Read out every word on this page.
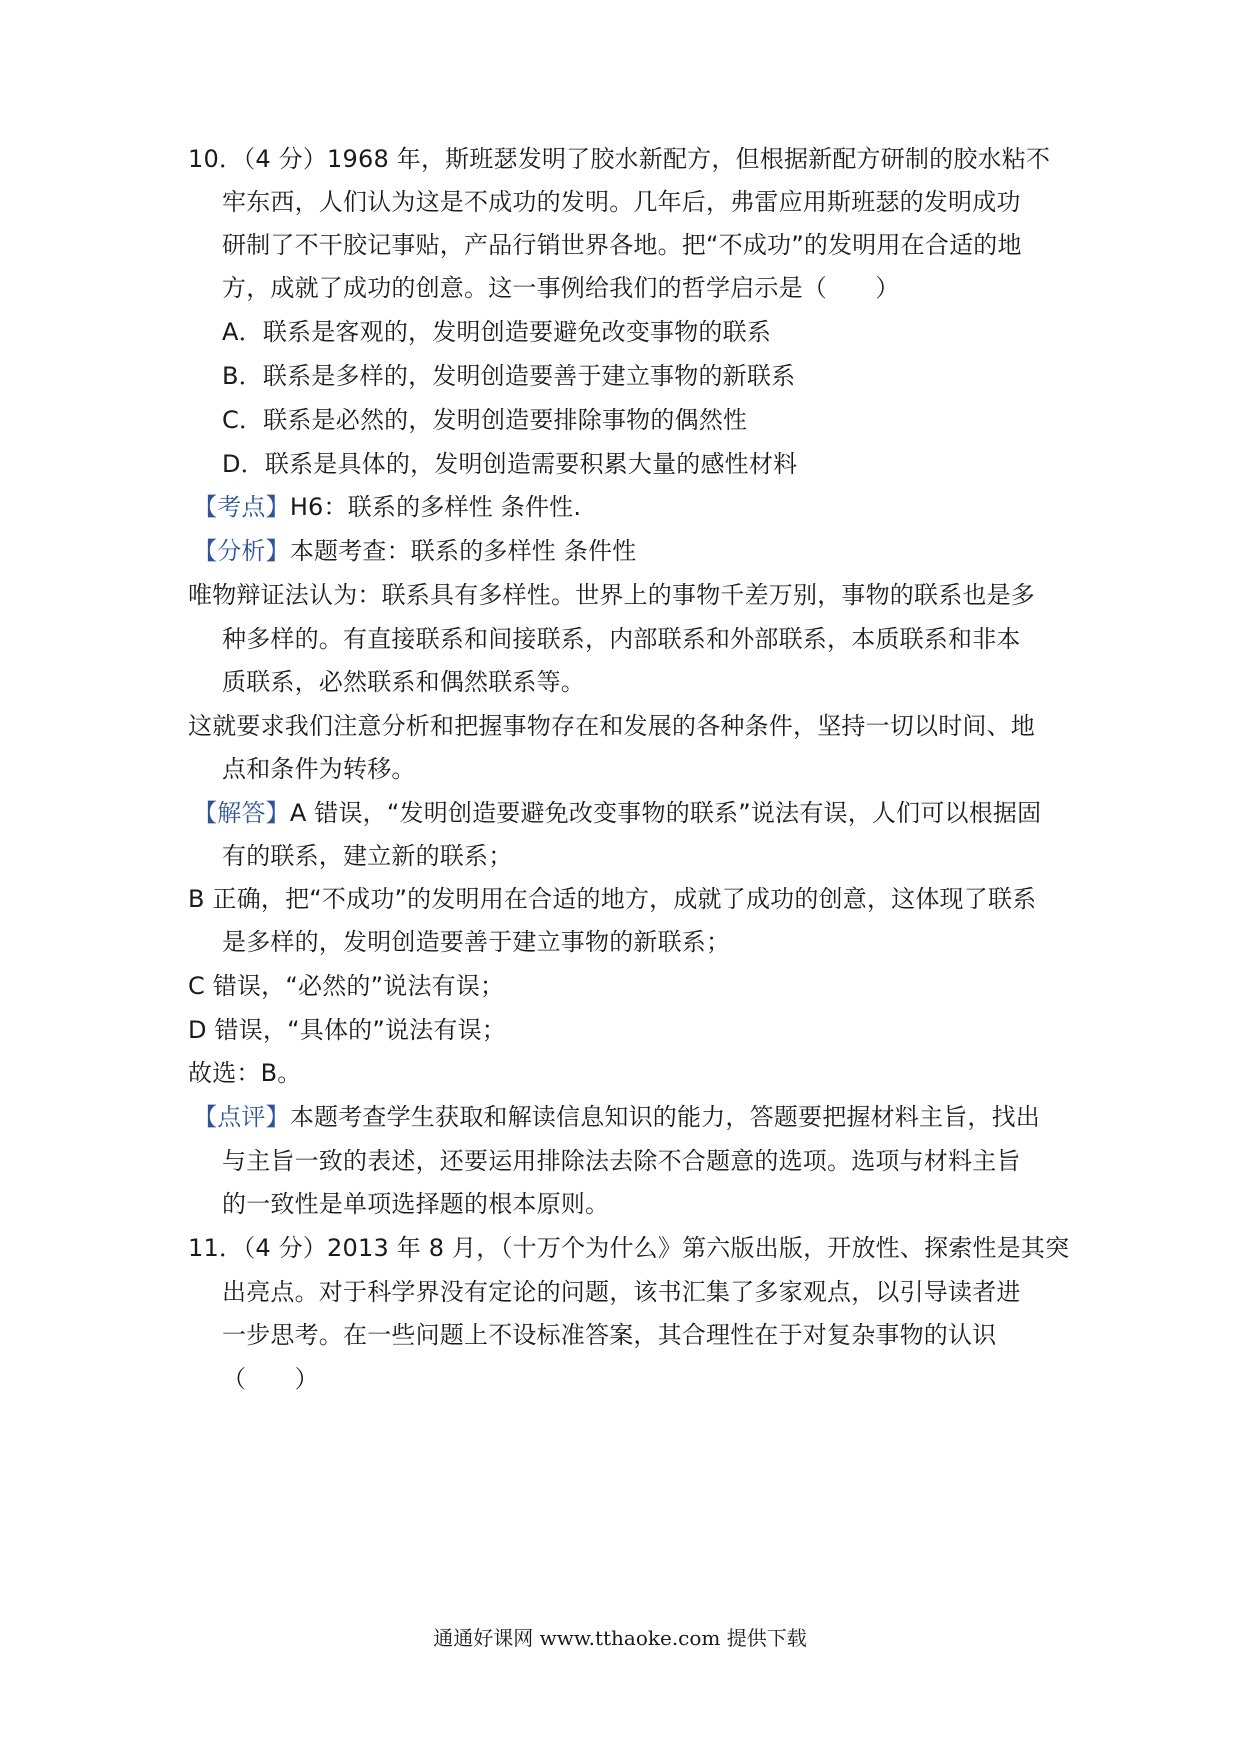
10．（4 分）1968 年，斯班瑟发明了胶水新配方，但根据新配方研制的胶水粘不
牢东西，人们认为这是不成功的发明。几年后，弗雷应用斯班瑟的发明成功
研制了不干胶记事贴，产品行销世界各地。把“不成功”的发明用在合适的地
方，成就了成功的创意。这一事例给我们的哲学启示是（　　）
A．联系是客观的，发明创造要避免改变事物的联系
B．联系是多样的，发明创造要善于建立事物的新联系
C．联系是必然的，发明创造要排除事物的偶然性
D．联系是具体的，发明创造需要积累大量的感性材料
【考点】H6：联系的多样性 条件性.
【分析】本题考查：联系的多样性 条件性
唯物辩证法认为：联系具有多样性。世界上的事物千差万别，事物的联系也是多
种多样的。有直接联系和间接联系，内部联系和外部联系，本质联系和非本
质联系，必然联系和偶然联系等。
这就要求我们注意分析和把握事物存在和发展的各种条件，坚持一切以时间、地
点和条件为转移。
【解答】A 错误，“发明创造要避免改变事物的联系”说法有误，人们可以根据固
有的联系，建立新的联系；
B 正确，把“不成功”的发明用在合适的地方，成就了成功的创意，这体现了联系
是多样的，发明创造要善于建立事物的新联系；
C 错误，“必然的”说法有误；
D 错误，“具体的”说法有误；
故选：B。
【点评】本题考查学生获取和解读信息知识的能力，答题要把握材料主旨，找出
与主旨一致的表述，还要运用排除法去除不合题意的选项。选项与材料主旨
的一致性是单项选择题的根本原则。
11．（4 分）2013 年 8 月，（十万个为什么》第六版出版，开放性、探索性是其突
出亮点。对于科学界没有定论的问题，该书汇集了多家观点，以引导读者进
一步思考。在一些问题上不设标准答案，其合理性在于对复杂事物的认识
（　　）
通通好课网 www.tthaoke.com 提供下载
